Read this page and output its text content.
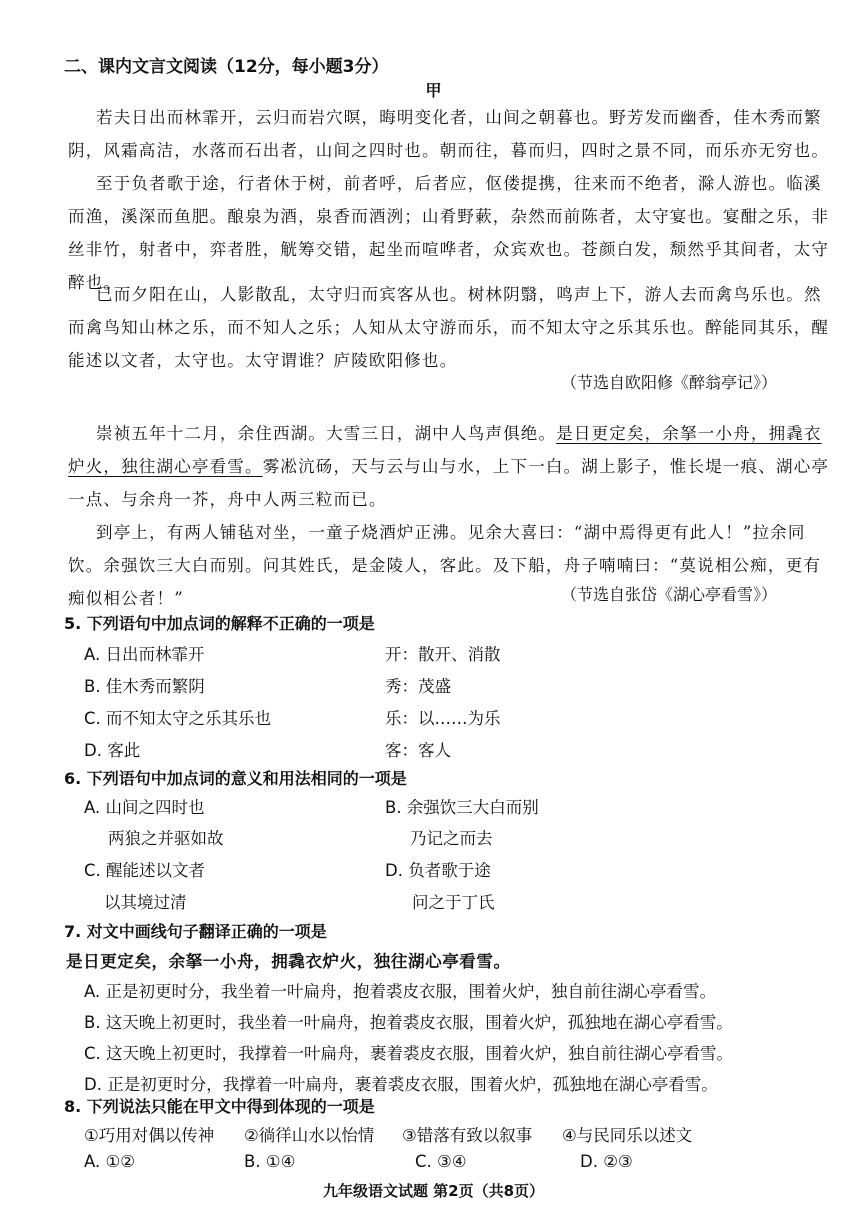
二、课内文言文阅读（12分，每小题3分）
甲
若夫日出而林霏开，云归而岩穴暝，晦明变化者，山间之朝暮也。野芳发而幽香，佳木秀而繁
阴，风霜高洁，水落而石出者，山间之四时也。朝而往，暮而归，四时之景不同，而乐亦无穷也。
至于负者歌于途，行者休于树，前者呼，后者应，伛偻提携，往来而不绝者，滁人游也。临溪
而渔，溪深而鱼肥。酿泉为酒，泉香而酒洌；山肴野蔌，杂然而前陈者，太守宴也。宴酣之乐，非
丝非竹，射者中，弈者胜，觥筹交错，起坐而喧哗者，众宾欢也。苍颜白发，颓然乎其间者，太守
醉也。
已而夕阳在山，人影散乱，太守归而宾客从也。树林阴翳，鸣声上下，游人去而禽鸟乐也。然
而禽鸟知山林之乐，而不知人之乐；人知从太守游而乐，而不知太守之乐其乐也。醉能同其乐，醒
能述以文者，太守也。太守谓谁？庐陵欧阳修也。
（节选自欧阳修《醉翁亭记》）
崇祯五年十二月，余住西湖。大雪三日，湖中人鸟声俱绝。是日更定矣，余拏一小舟，拥毳衣
炉火，独往湖心亭看雪。雾凇沆砀，天与云与山与水，上下一白。湖上影子，惟长堤一痕、湖心亭
一点、与余舟一芥，舟中人两三粒而已。
到亭上，有两人铺毡对坐，一童子烧酒炉正沸。见余大喜曰：“湖中焉得更有此人！”拉余同
饮。余强饮三大白而别。问其姓氏，是金陵人，客此。及下船，舟子喃喃曰：“莫说相公痴，更有
痴似相公者！”	（节选自张岱《湖心亭看雪》）
5. 下列语句中加点词的解释不正确的一项是
A. 日出而林霏开	开：散开、消散
B. 佳木秀而繁阴	秀：茂盛
C. 而不知太守之乐其乐也	乐：以……为乐
D. 客此	客：客人
6. 下列语句中加点词的意义和用法相同的一项是
A. 山间之四时也
两狼之并驱如故
B. 余强饮三大白而别
乃记之而去
C. 醒能述以文者
以其境过清
D. 负者歌于途
问之于丁氏
7. 对文中画线句子翻译正确的一项是
是日更定矣，余拏一小舟，拥毳衣炉火，独往湖心亭看雪。
A. 正是初更时分，我坐着一叶扁舟，抱着裘皮衣服，围着火炉，独自前往湖心亭看雪。
B. 这天晚上初更时，我坐着一叶扁舟，抱着裘皮衣服，围着火炉，孤独地在湖心亭看雪。
C. 这天晚上初更时，我撑着一叶扁舟，裹着裘皮衣服，围着火炉，独自前往湖心亭看雪。
D. 正是初更时分，我撑着一叶扁舟，裹着裘皮衣服，围着火炉，孤独地在湖心亭看雪。
8. 下列说法只能在甲文中得到体现的一项是
①巧用对偶以传神 ②徜徉山水以怡情 ③错落有致以叙事 ④与民同乐以述文
A. ①②	B. ①④	C. ③④	D. ②③
九年级语文试题 第2页（共8页）
